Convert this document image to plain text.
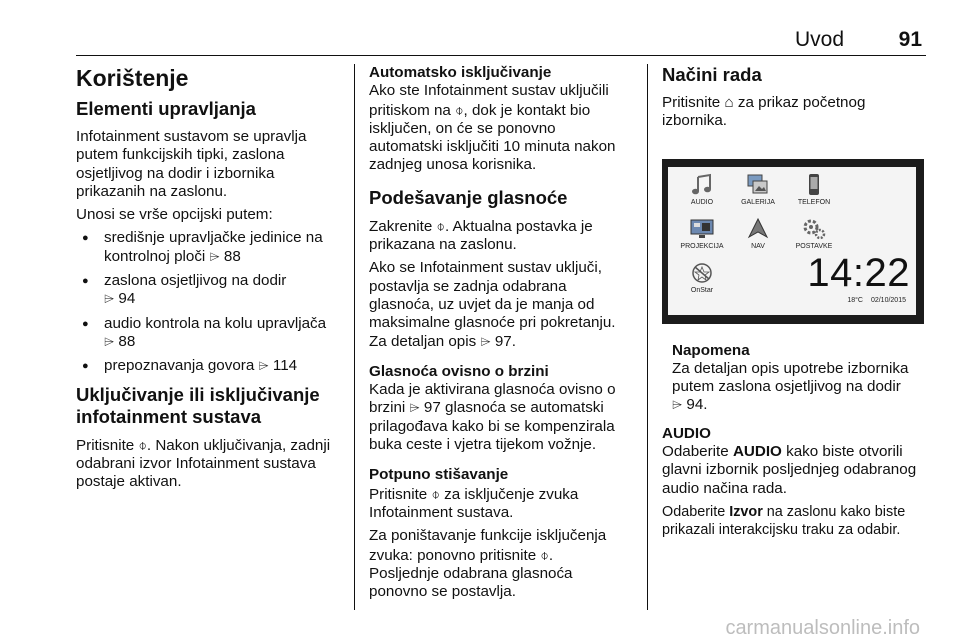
Uvod	91
Korištenje
Elementi upravljanja

Infotainment sustavom se upravlja putem funkcijskih tipki, zaslona osjetljivog na dodir i izbornika prikazanih na zaslonu.

Unosi se vrše opcijski putem:

● središnje upravljačke jedinice na kontrolnoj ploči ⌲ 88
● zaslona osjetljivog na dodir
⌲ 94
● audio kontrola na kolu upravljača
⌲ 88
● prepoznavanja govora ⌲ 114
Uključivanje ili isključivanje infotainment sustava

Pritisnite ⌽. Nakon uključivanja, zadnji odabrani izvor Infotainment sustava postaje aktivan.

Automatsko isključivanje

Ako ste Infotainment sustav uključili pritiskom na ⌽, dok je kontakt bio isključen, on će se ponovno automatski isključiti 10 minuta nakon zadnjeg unosa korisnika.

Podešavanje glasnoće

Zakrenite ⌽. Aktualna postavka je prikazana na zaslonu.

Ako se Infotainment sustav uključi, postavlja se zadnja odabrana glasnoća, uz uvjet da je manja od maksimalne glasnoće pri pokretanju. Za detaljan opis ⌲ 97.

Glasnoća ovisno o brzini

Kada je aktivirana glasnoća ovisno o brzini ⌲ 97 glasnoća se automatski prilagođava kako bi se kompenzirala buka ceste i vjetra tijekom vožnje.

Potpuno stišavanje

Pritisnite ⌽ za isključenje zvuka Infotainment sustava.

Za poništavanje funkcije isključenja zvuka: ponovno pritisnite ⌽.

Posljednje odabrana glasnoća ponovno se postavlja.

Načini rada

Pritisnite ⌂ za prikaz početnog izbornika.

AUDIO	GALERIJA	TELEFON
PROJEKCIJA	NAV	POSTAVKE
OnStar	14:22
18°C 02/10/2015
Napomena

Za detaljan opis upotrebe izbornika putem zaslona osjetljivog na dodir
⌲ 94.

AUDIO

Odaberite AUDIO kako biste otvorili glavni izbornik posljednjeg odabranog audio načina rada.

Odaberite Izvor na zaslonu kako biste prikazali interakcijsku traku za odabir.

carmanualsonline.info
